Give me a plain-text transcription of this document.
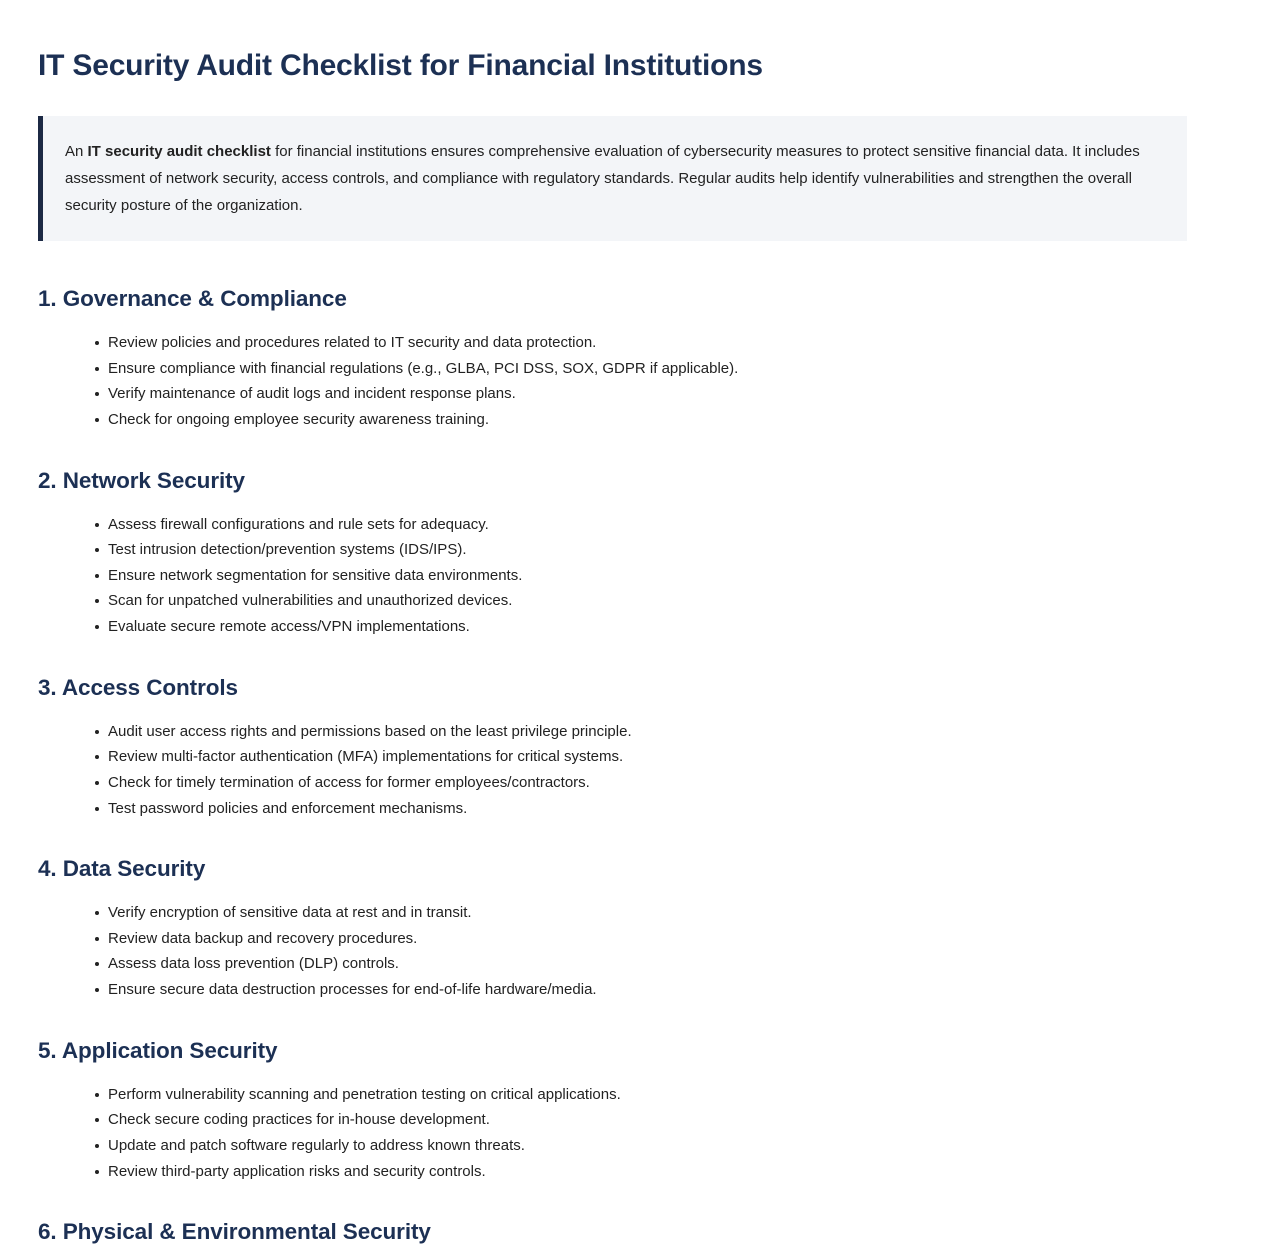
IT Security Audit Checklist for Financial Institutions

An IT security audit checklist for financial institutions ensures comprehensive evaluation of cybersecurity measures to protect sensitive financial data. It includes assessment of network security, access controls, and compliance with regulatory standards. Regular audits help identify vulnerabilities and strengthen the overall security posture of the organization.

1. Governance & Compliance
Review policies and procedures related to IT security and data protection.
Ensure compliance with financial regulations (e.g., GLBA, PCI DSS, SOX, GDPR if applicable).
Verify maintenance of audit logs and incident response plans.
Check for ongoing employee security awareness training.
2. Network Security
Assess firewall configurations and rule sets for adequacy.
Test intrusion detection/prevention systems (IDS/IPS).
Ensure network segmentation for sensitive data environments.
Scan for unpatched vulnerabilities and unauthorized devices.
Evaluate secure remote access/VPN implementations.
3. Access Controls
Audit user access rights and permissions based on the least privilege principle.
Review multi-factor authentication (MFA) implementations for critical systems.
Check for timely termination of access for former employees/contractors.
Test password policies and enforcement mechanisms.
4. Data Security
Verify encryption of sensitive data at rest and in transit.
Review data backup and recovery procedures.
Assess data loss prevention (DLP) controls.
Ensure secure data destruction processes for end-of-life hardware/media.
5. Application Security
Perform vulnerability scanning and penetration testing on critical applications.
Check secure coding practices for in-house development.
Update and patch software regularly to address known threats.
Review third-party application risks and security controls.
6. Physical & Environmental Security
